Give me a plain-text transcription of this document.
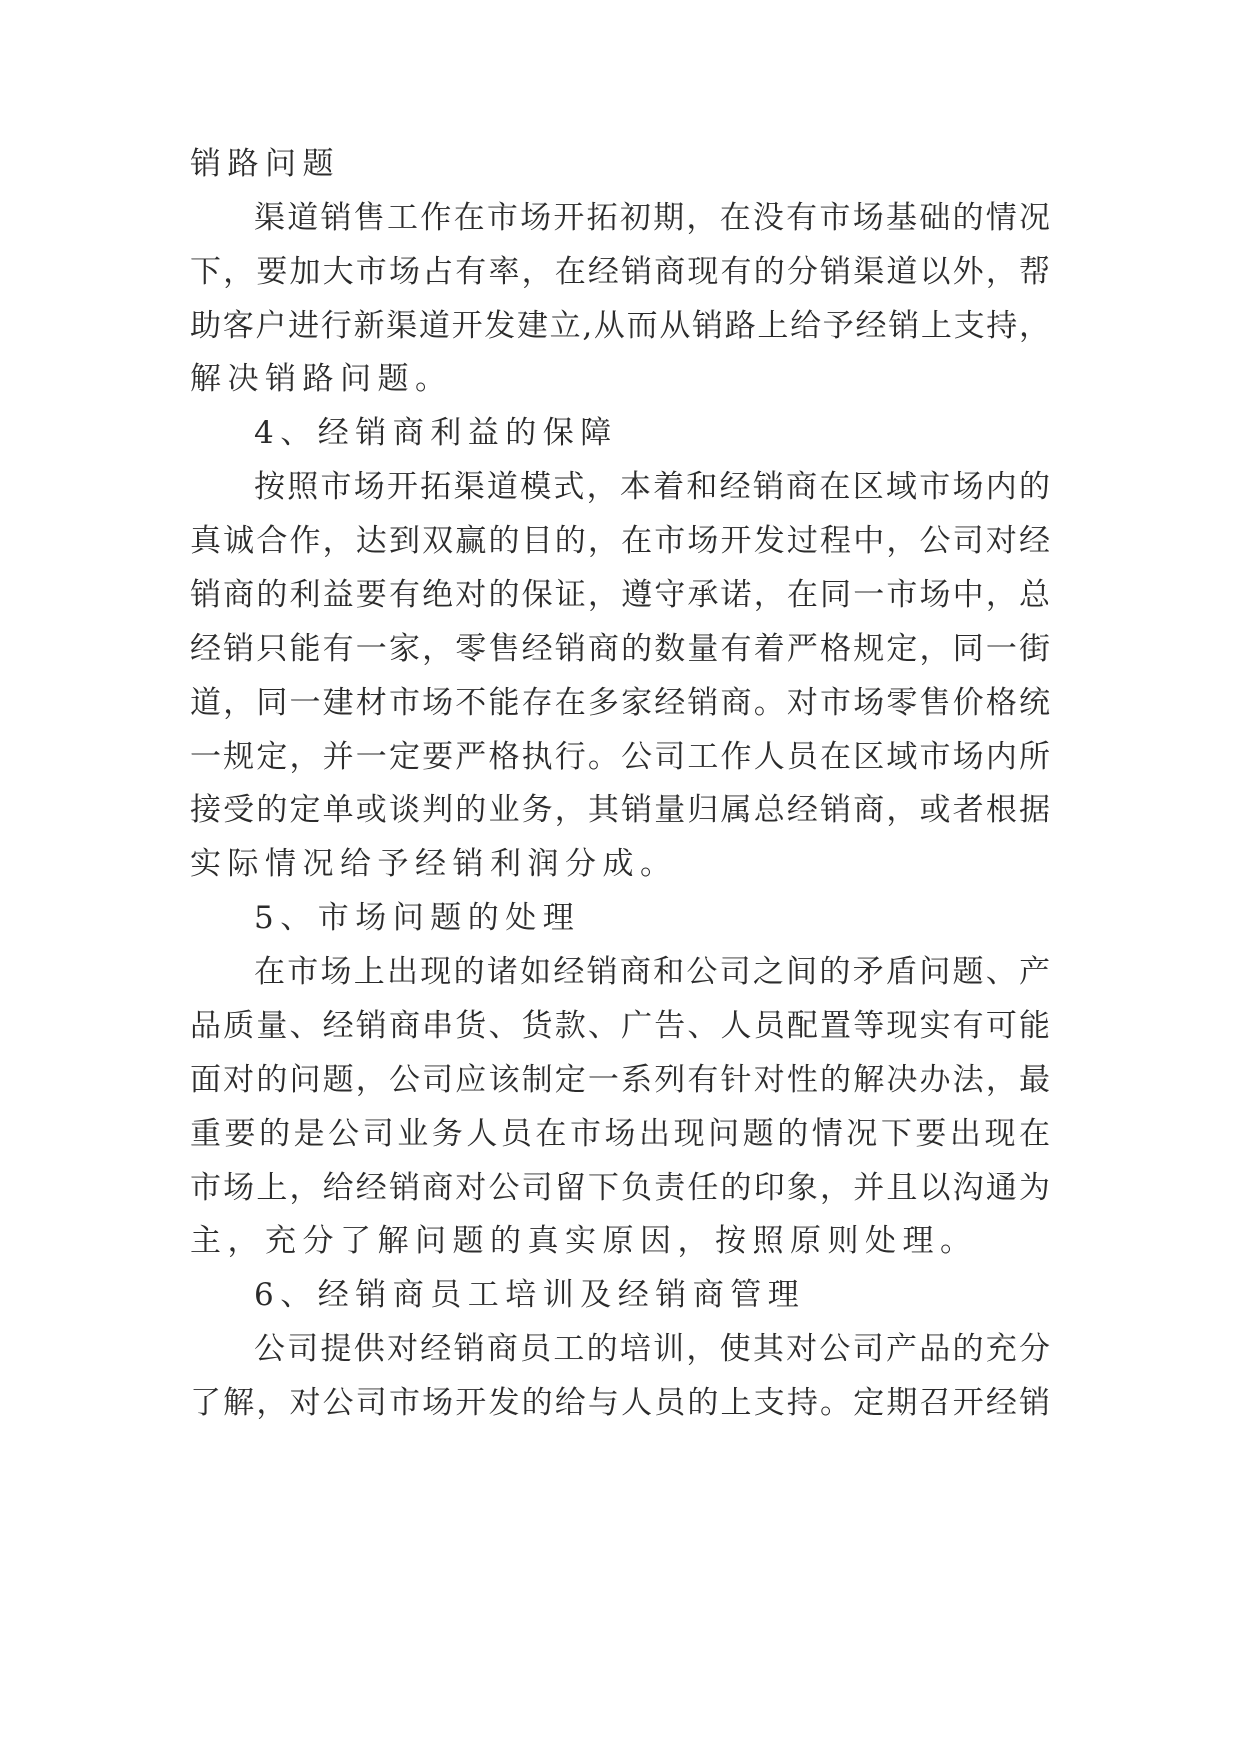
销路问题
渠道销售工作在市场开拓初期，在没有市场基础的情况
下，要加大市场占有率，在经销商现有的分销渠道以外，帮
助客户进行新渠道开发建立,从而从销路上给予经销上支持，
解决销路问题。
4、经销商利益的保障
按照市场开拓渠道模式，本着和经销商在区域市场内的
真诚合作，达到双赢的目的，在市场开发过程中，公司对经
销商的利益要有绝对的保证，遵守承诺，在同一市场中，总
经销只能有一家，零售经销商的数量有着严格规定，同一街
道，同一建材市场不能存在多家经销商。对市场零售价格统
一规定，并一定要严格执行。公司工作人员在区域市场内所
接受的定单或谈判的业务，其销量归属总经销商，或者根据
实际情况给予经销利润分成。
5、市场问题的处理
在市场上出现的诸如经销商和公司之间的矛盾问题、产
品质量、经销商串货、货款、广告、人员配置等现实有可能
面对的问题，公司应该制定一系列有针对性的解决办法，最
重要的是公司业务人员在市场出现问题的情况下要出现在
市场上，给经销商对公司留下负责任的印象，并且以沟通为
主，充分了解问题的真实原因，按照原则处理。
6、经销商员工培训及经销商管理
公司提供对经销商员工的培训，使其对公司产品的充分
了解，对公司市场开发的给与人员的上支持。定期召开经销
